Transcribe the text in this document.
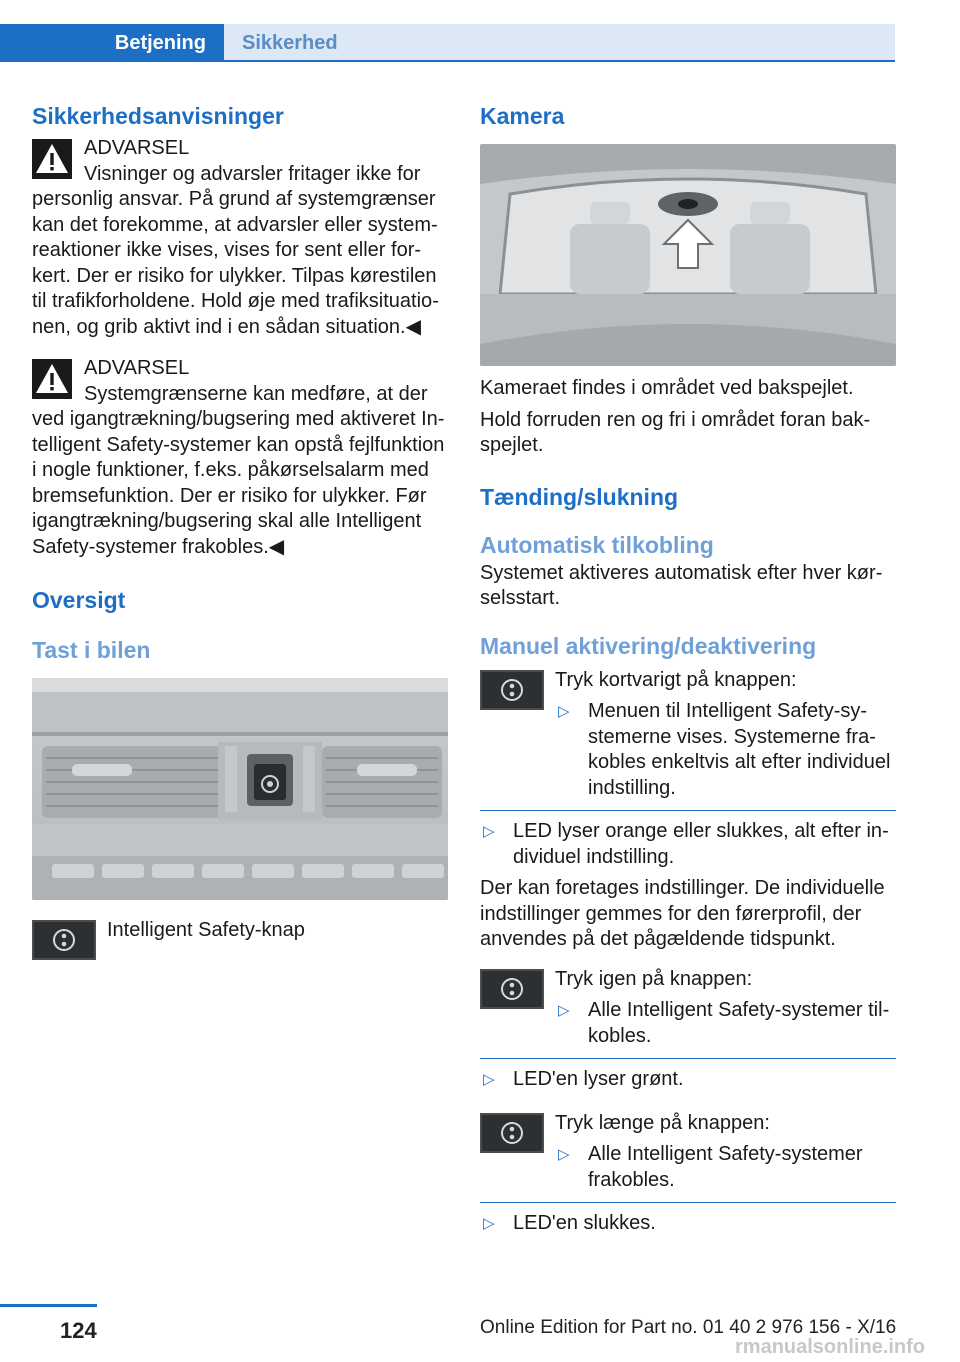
Betjening	Sikkerhed
Sikkerhedsanvisninger
ADVARSEL
Visninger og advarsler fritager ikke for personlig ansvar. På grund af systemgrænser kan det forekomme, at advarsler eller systemreaktioner ikke vises, vises for sent eller forkert. Der er risiko for ulykker. Tilpas kørestilen til trafikforholdene. Hold øje med trafiksituationen, og grib aktivt ind i en sådan situation.◀
ADVARSEL
Systemgrænserne kan medføre, at der ved igangtrækning/bugsering med aktiveret Intelligent Safety-systemer kan opstå fejlfunktion i nogle funktioner, f.eks. påkørselsalarm med bremsefunktion. Der er risiko for ulykker. Før igangtrækning/bugsering skal alle Intelligent Safety-systemer frakobles.◀
Oversigt
Tast i bilen

Intelligent Safety-knap

Kamera

Kameraet findes i området ved bakspejlet.

Hold forruden ren og fri i området foran bakspejlet.

Tænding/slukning
Automatisk tilkobling

Systemet aktiveres automatisk efter hver kørselsstart.

Manuel aktivering/deaktivering

Tryk kortvarigt på knappen:

▷ Menuen til Intelligent Safety-systemerne vises. Systemerne frakobles enkeltvis alt efter individuel indstilling.
▷ LED lyser orange eller slukkes, alt efter individuel indstilling.

Der kan foretages indstillinger. De individuelle indstillinger gemmes for den førerprofil, der anvendes på det pågældende tidspunkt.

Tryk igen på knappen:

▷ Alle Intelligent Safety-systemer tilkobles.
▷ LED'en lyser grønt.

Tryk længe på knappen:

▷ Alle Intelligent Safety-systemer frakobles.
▷ LED'en slukkes.
124	Online Edition for Part no. 01 40 2 976 156 - X/16
rmanualsonline.info
